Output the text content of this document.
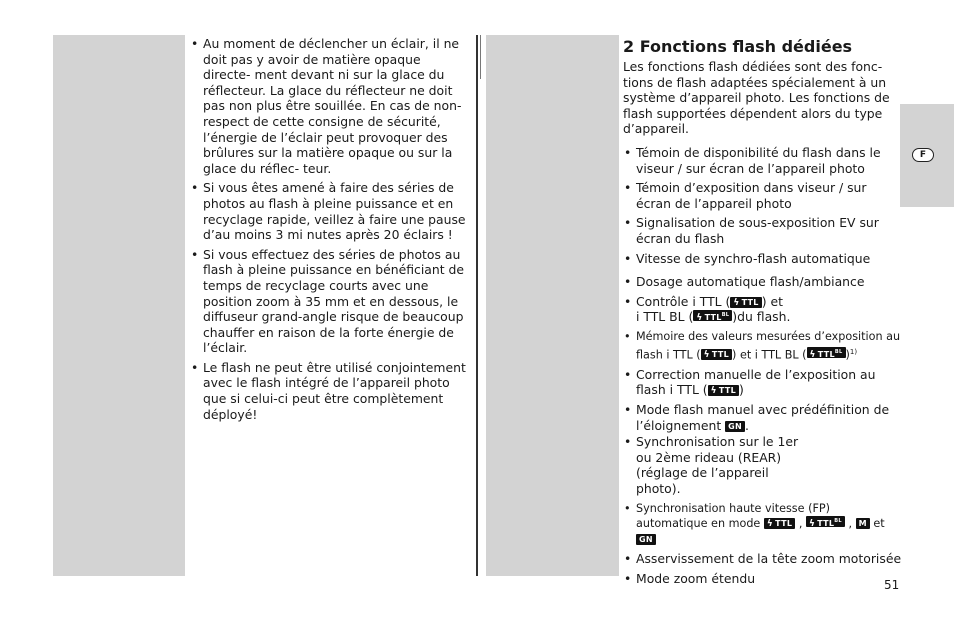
F
• Au moment de déclencher un éclair, il ne doit pas y avoir de matière opaque directe- ment devant ni sur la glace du réflecteur. La glace du réflecteur ne doit pas non plus être souillée. En cas de non-respect de cette consigne de sécurité, l’énergie de l’éclair peut provoquer des brûlures sur la matière opaque ou sur la glace du réflec- teur.
• Si vous êtes amené à faire des séries de photos au flash à pleine puissance et en recyclage rapide, veillez à faire une pause d’au moins 3 mi nutes après 20 éclairs !
• Si vous effectuez des séries de photos au flash à pleine puissance en bénéficiant de temps de recyclage courts avec une position zoom à 35 mm et en dessous, le diffuseur grand-angle risque de beaucoup chauffer en raison de la forte énergie de l’éclair.
• Le flash ne peut être utilisé conjointement avec le flash intégré de l’appareil photo que si celui-ci peut être complètement déployé!
2 Fonctions flash dédiées

Les fonctions flash dédiées sont des fonc- tions de flash adaptées spécialement à un système d’appareil photo. Les fonctions de flash supportées dépendent alors du type d’appareil.

• Témoin de disponibilité du flash dans le viseur / sur écran de l’appareil photo
• Témoin d’exposition dans viseur / sur écran de l’appareil photo
• Signalisation de sous-exposition EV sur écran du flash
• Vitesse de synchro-flash automatique
• Dosage automatique flash/ambiance
• Contrôle i TTL ( ϟ TTL ) et
i TTL BL ( ϟ $TTL^{BL}$ )du flash.
• Mémoire des valeurs mesurées d’exposition au flash i TTL ( ϟ TTL ) et i TTL BL ( ϟ $TTL^{BL}$ )$^{1)}$
• Correction manuelle de l’exposition au flash i TTL ( ϟ TTL )
• Mode flash manuel avec prédéfinition de l’éloignement GN .
• Synchronisation sur le 1er ou 2ème rideau (REAR) (réglage de l’appareil photo).
• Synchronisation haute vitesse (FP) automatique en mode ϟ TTL , ϟ $TTL^{BL}$ , M et GN
• Asservissement de la tête zoom motorisée
• Mode zoom étendu	51
